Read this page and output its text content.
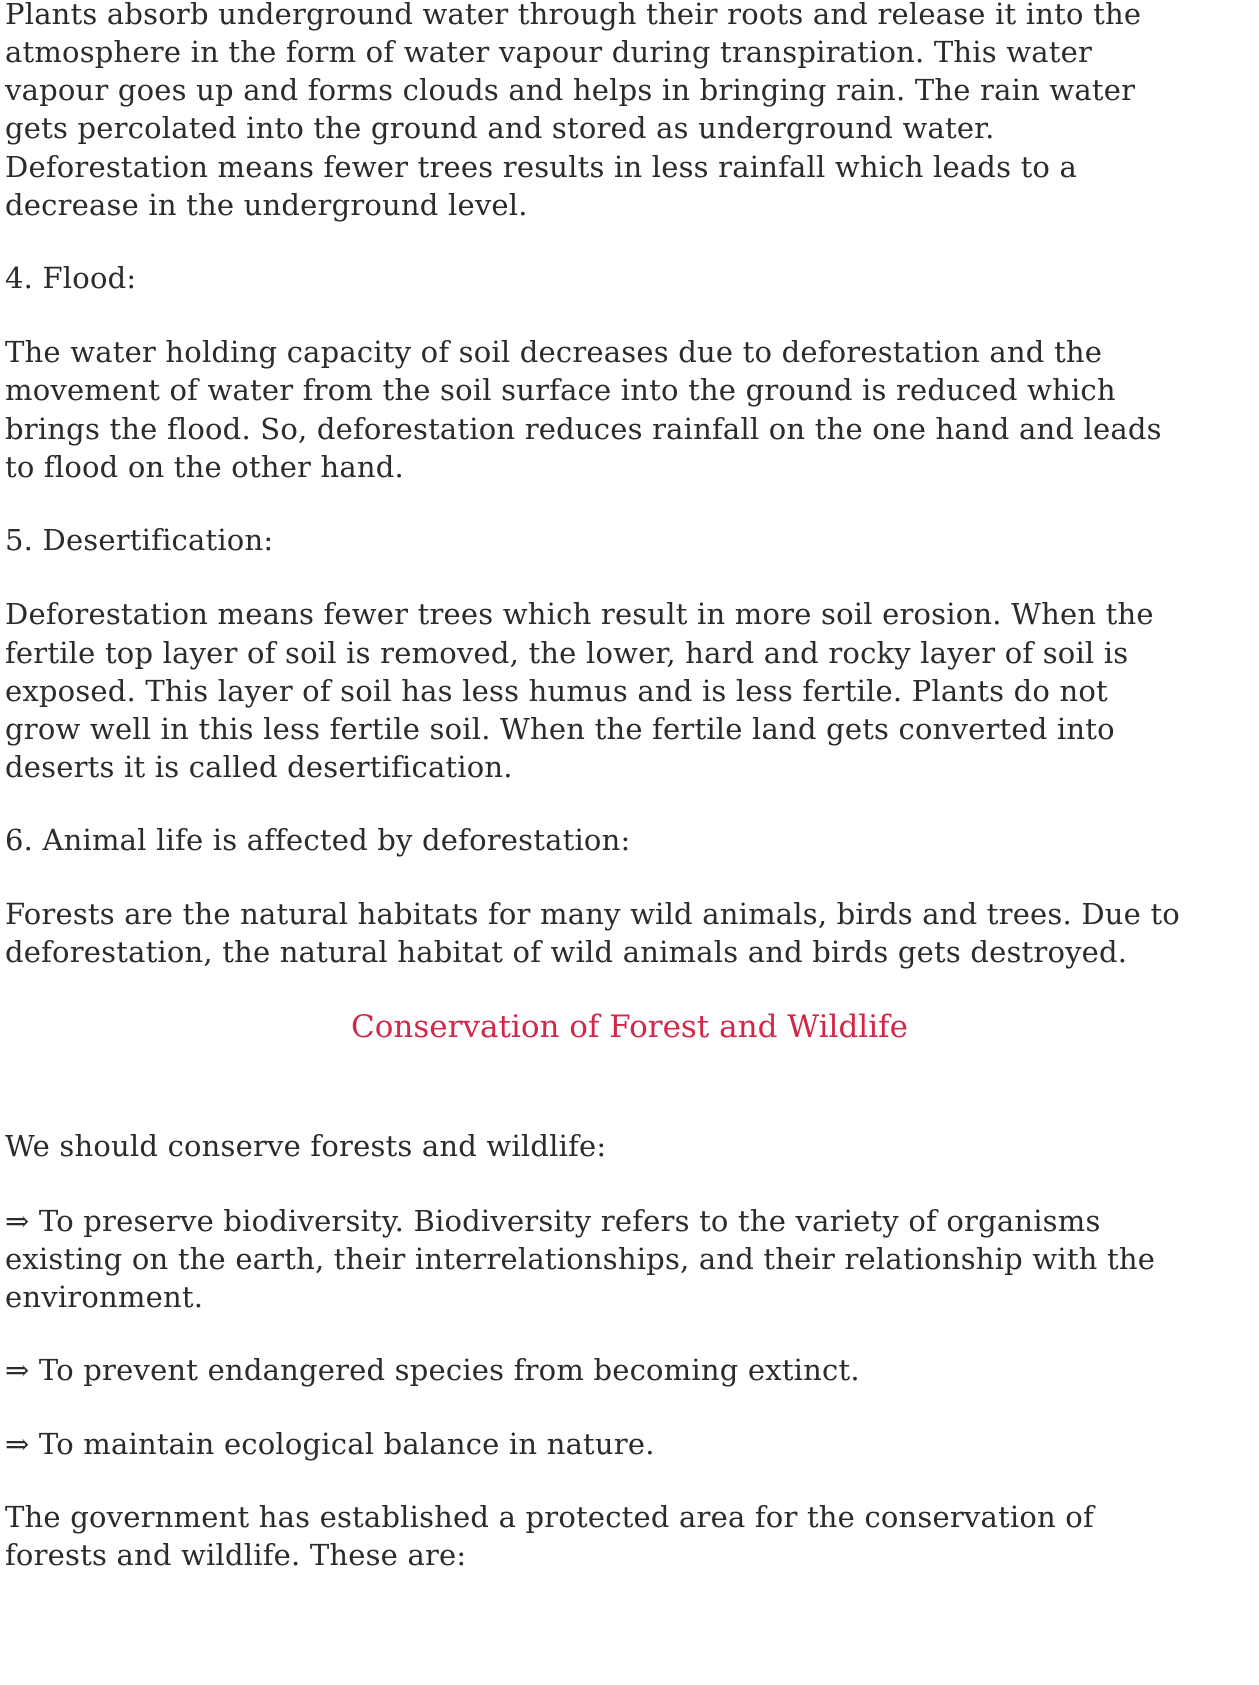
Plants absorb underground water through their roots and release it into the
atmosphere in the form of water vapour during transpiration. This water
vapour goes up and forms clouds and helps in bringing rain. The rain water
gets percolated into the ground and stored as underground water.
Deforestation means fewer trees results in less rainfall which leads to a
decrease in the underground level.
4. Flood:
The water holding capacity of soil decreases due to deforestation and the
movement of water from the soil surface into the ground is reduced which
brings the flood. So, deforestation reduces rainfall on the one hand and leads
to flood on the other hand.
5. Desertification:
Deforestation means fewer trees which result in more soil erosion. When the
fertile top layer of soil is removed, the lower, hard and rocky layer of soil is
exposed. This layer of soil has less humus and is less fertile. Plants do not
grow well in this less fertile soil. When the fertile land gets converted into
deserts it is called desertification.
6. Animal life is affected by deforestation:
Forests are the natural habitats for many wild animals, birds and trees. Due to
deforestation, the natural habitat of wild animals and birds gets destroyed.
Conservation of Forest and Wildlife
We should conserve forests and wildlife:
⇒ To preserve biodiversity. Biodiversity refers to the variety of organisms
existing on the earth, their interrelationships, and their relationship with the
environment.
⇒ To prevent endangered species from becoming extinct.
⇒ To maintain ecological balance in nature.
The government has established a protected area for the conservation of
forests and wildlife. These are:
